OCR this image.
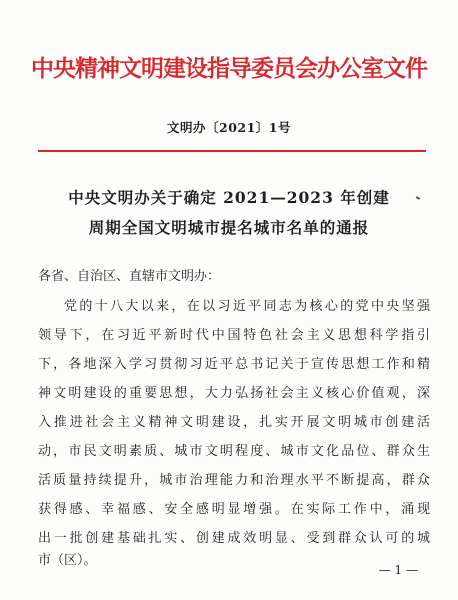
中央精神文明建设指导委员会办公室文件
文明办〔2021〕1号
中央文明办关于确定 2021—2023 年创建
周期全国文明城市提名城市名单的通报
各省、自治区、直辖市文明办：
党的十八大以来，在以习近平同志为核心的党中央坚强
领导下，在习近平新时代中国特色社会主义思想科学指引
下，各地深入学习贯彻习近平总书记关于宣传思想工作和精
神文明建设的重要思想，大力弘扬社会主义核心价值观，深
入推进社会主义精神文明建设，扎实开展文明城市创建活
动，市民文明素质、城市文明程度、城市文化品位、群众生
活质量持续提升，城市治理能力和治理水平不断提高，群众
获得感、幸福感、安全感明显增强。在实际工作中，涌现
出一批创建基础扎实、创建成效明显、受到群众认可的城
市（区）。
— 1 —
